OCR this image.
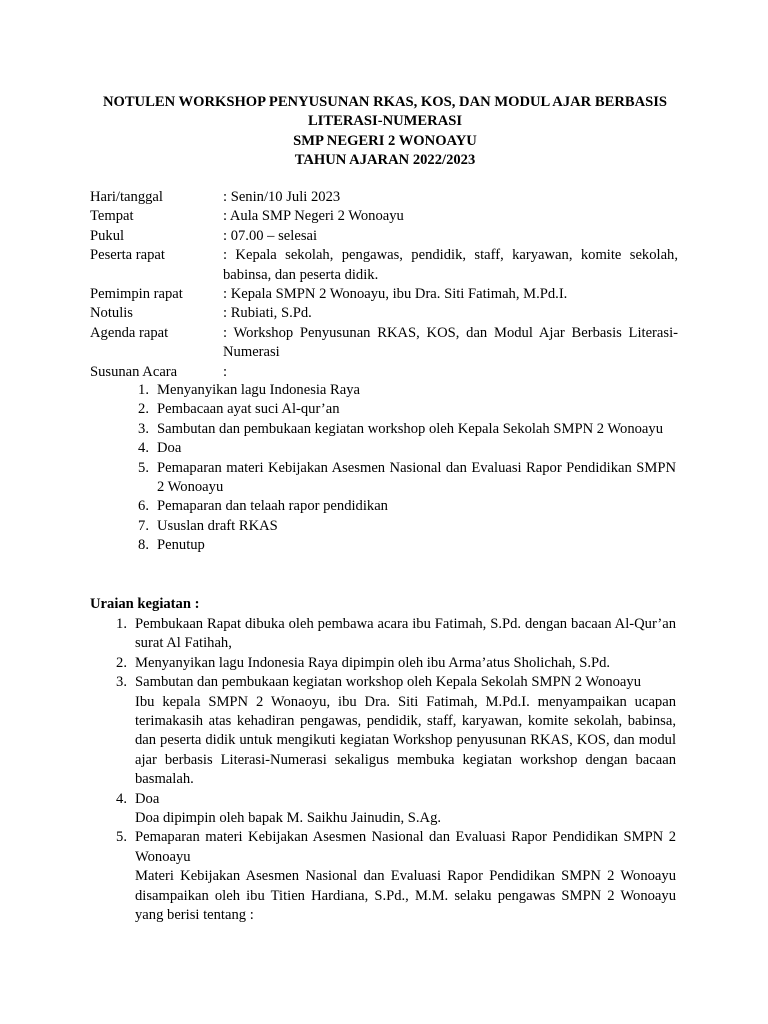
NOTULEN WORKSHOP PENYUSUNAN RKAS, KOS, DAN MODUL AJAR BERBASIS
LITERASI-NUMERASI
SMP NEGERI 2 WONOAYU
TAHUN AJARAN 2022/2023
Hari/tanggal	: Senin/10 Juli 2023
Tempat	: Aula SMP Negeri 2 Wonoayu
Pukul	: 07.00 – selesai
Peserta rapat	: Kepala sekolah, pengawas, pendidik, staff, karyawan, komite sekolah, babinsa, dan peserta didik.
Pemimpin rapat	: Kepala SMPN 2 Wonoayu, ibu Dra. Siti Fatimah, M.Pd.I.
Notulis	: Rubiati, S.Pd.
Agenda rapat	: Workshop Penyusunan RKAS, KOS, dan Modul Ajar Berbasis Literasi-Numerasi
Susunan Acara	:
1. Menyanyikan lagu Indonesia Raya
2. Pembacaan ayat suci Al-qur’an
3. Sambutan dan pembukaan kegiatan workshop oleh Kepala Sekolah SMPN 2 Wonoayu
4. Doa
5. Pemaparan materi Kebijakan Asesmen Nasional dan Evaluasi Rapor Pendidikan SMPN 2 Wonoayu
6. Pemaparan dan telaah rapor pendidikan
7. Ususlan draft RKAS
8. Penutup
Uraian kegiatan :
1. Pembukaan Rapat dibuka oleh pembawa acara ibu Fatimah, S.Pd. dengan bacaan Al-Qur’an surat Al Fatihah,
2. Menyanyikan lagu Indonesia Raya dipimpin oleh ibu Arma’atus Sholichah, S.Pd.
3. Sambutan dan pembukaan kegiatan workshop oleh Kepala Sekolah SMPN 2 Wonoayu
Ibu kepala SMPN 2 Wonaoyu, ibu Dra. Siti Fatimah, M.Pd.I. menyampaikan ucapan terimakasih atas kehadiran pengawas, pendidik, staff, karyawan, komite sekolah, babinsa, dan peserta didik untuk mengikuti kegiatan Workshop penyusunan RKAS, KOS, dan modul ajar berbasis Literasi-Numerasi sekaligus membuka kegiatan workshop dengan bacaan basmalah.
4. Doa
Doa dipimpin oleh bapak M. Saikhu Jainudin, S.Ag.
5. Pemaparan materi Kebijakan Asesmen Nasional dan Evaluasi Rapor Pendidikan SMPN 2 Wonoayu
Materi Kebijakan Asesmen Nasional dan Evaluasi Rapor Pendidikan SMPN 2 Wonoayu disampaikan oleh ibu Titien Hardiana, S.Pd., M.M. selaku pengawas SMPN 2 Wonoayu yang berisi tentang :
